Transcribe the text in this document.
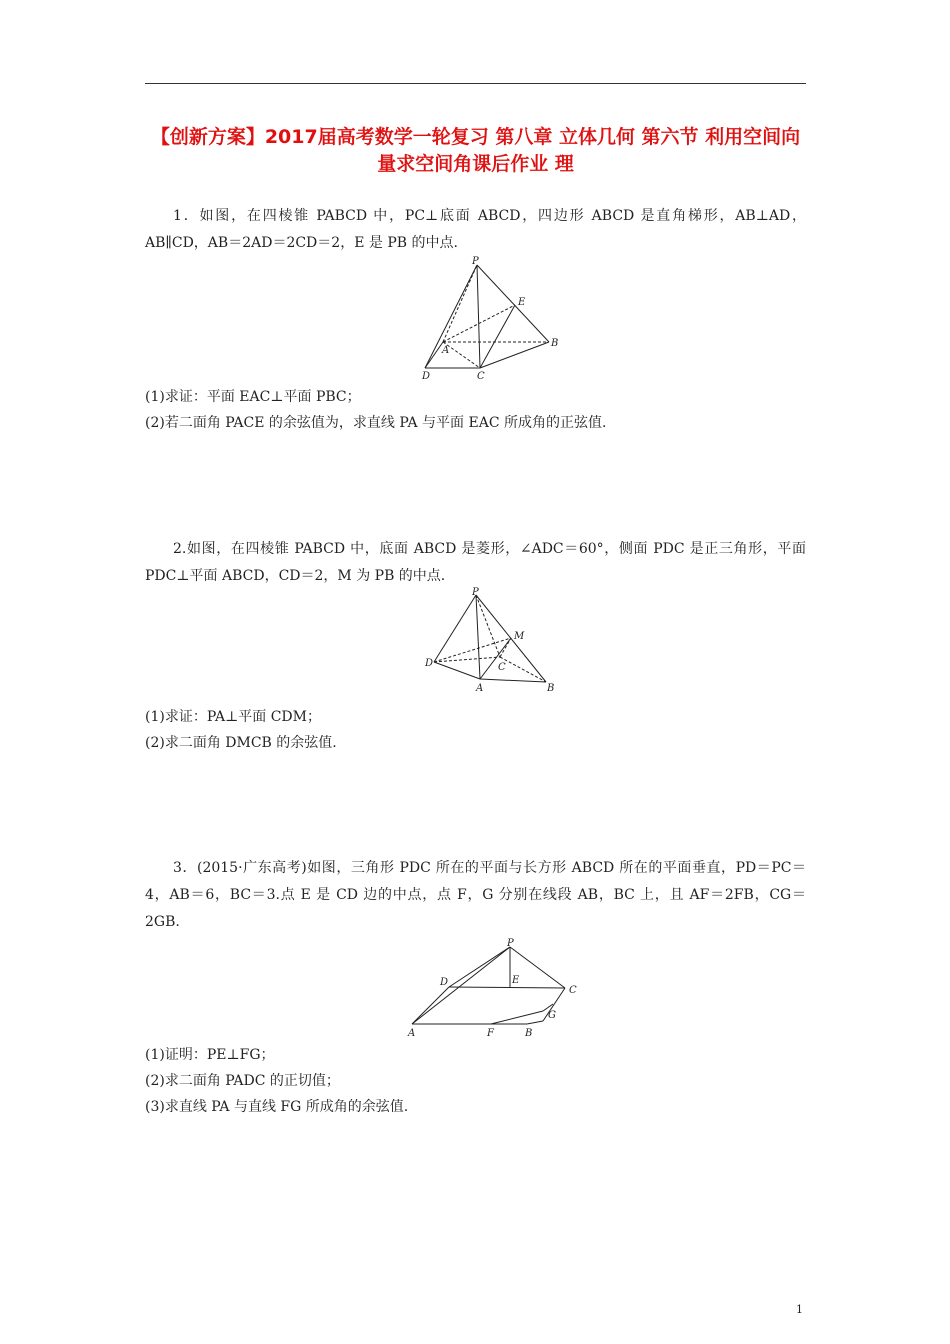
【创新方案】2017届高考数学一轮复习 第八章 立体几何 第六节 利用空间向量求空间角课后作业 理
1．如图，在四棱锥 PABCD 中，PC⊥底面 ABCD，四边形 ABCD 是直角梯形，AB⊥AD，AB∥CD，AB＝2AD＝2CD＝2，E 是 PB 的中点.
P
E
A
B
D	C
(1)求证：平面 EAC⊥平面 PBC；
(2)若二面角 PACE 的余弦值为，求直线 PA 与平面 EAC 所成角的正弦值.
2.如图，在四棱锥 PABCD 中，底面 ABCD 是菱形，∠ADC＝60°，侧面 PDC 是正三角形，平面 PDC⊥平面 ABCD，CD＝2，M 为 PB 的中点.
P
M
D	C
A	B
(1)求证：PA⊥平面 CDM；
(2)求二面角 DMCB 的余弦值.
3．(2015·广东高考)如图，三角形 PDC 所在的平面与长方形 ABCD 所在的平面垂直，PD＝PC＝4，AB＝6，BC＝3.点 E 是 CD 边的中点，点 F，G 分别在线段 AB，BC 上，且 AF＝2FB，CG＝2GB.
P
D	E
C
G
A	F	B
(1)证明：PE⊥FG；
(2)求二面角 PADC 的正切值；
(3)求直线 PA 与直线 FG 所成角的余弦值.
1
